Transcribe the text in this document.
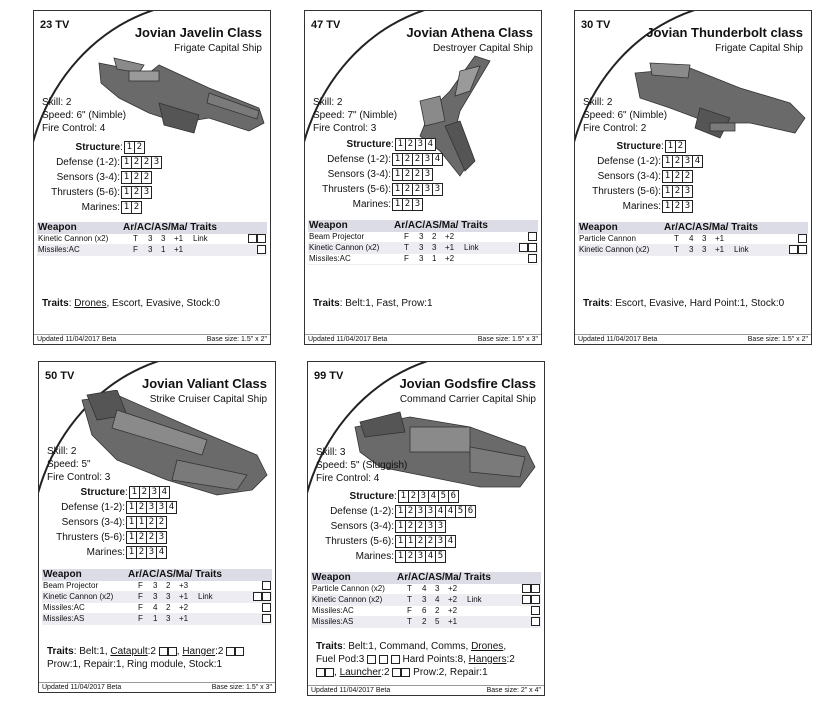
23 TV	Jovian Javelin Class
Frigate Capital Ship
Skill: 2
Speed: 6" (Nimble)
Fire Control: 4
Structure : 1 2
Defense (1-2): 1 2 2 3
Sensors (3-4): 1 2 2
Thrusters (5-6): 1 2 3
Marines: 1 2
Weapon	Ar/AC/AS/Ma/ Traits
Kinetic Cannon (x2)	T 3 3 +1 Link
Missiles:AC	F 3 1 +1
Traits: Drones, Escort, Evasive, Stock:0
Updated 11/04/2017 Beta	Base size: 1.5" x 2"
47 TV	Jovian Athena Class
Destroyer Capital Ship
Skill: 2
Speed: 7" (Nimble)
Fire Control: 3
Structure : 1 2 3 4
Defense (1-2): 1 2 2 3 4
Sensors (3-4): 1 2 2 3
Thrusters (5-6): 1 2 2 3 3
Marines: 1 2 3
Weapon	Ar/AC/AS/Ma/ Traits
Beam Projector	F 3 2 +2
Kinetic Cannon (x2)	T 3 3 +1 Link
Missiles:AC	F 3 1 +2
Traits: Belt:1, Fast, Prow:1
Updated 11/04/2017 Beta	Base size: 1.5" x 3"
30 TV	Jovian Thunderbolt class
Frigate Capital Ship
Skill: 2
Speed: 6" (Nimble)
Fire Control: 2
Structure : 1 2
Defense (1-2): 1 2 3 4
Sensors (3-4): 1 2 2
Thrusters (5-6): 1 2 3
Marines: 1 2 3
Weapon	Ar/AC/AS/Ma/ Traits
Particle Cannon	T 4 3 +1
Kinetic Cannon (x2)	T 3 3 +1 Link
Traits: Escort, Evasive, Hard Point:1, Stock:0
Updated 11/04/2017 Beta	Base size: 1.5" x 2"
50 TV	Jovian Valiant Class
Strike Cruiser Capital Ship
Skill: 2
Speed: 5"
Fire Control: 3
Structure : 1 2 3 4
Defense (1-2): 1 2 3 3 4
Sensors (3-4): 1 1 2 2
Thrusters (5-6): 1 2 2 3
Marines: 1 2 3 4
Weapon	Ar/AC/AS/Ma/ Traits
Beam Projector	F 3 2 +3
Kinetic Cannon (x2)	F 3 3 +1 Link
Missiles:AC	F 4 2 +2
Missiles:AS	F 1 3 +1
Traits: Belt:1, Catapult:2 , Hanger:2
Prow:1, Repair:1, Ring module, Stock:1
Updated 11/04/2017 Beta	Base size: 1.5" x 3"
99 TV	Jovian Godsfire Class
Command Carrier Capital Ship
Skill: 3
Speed: 5" (Sluggish)
Fire Control: 4
Structure : 1 2 3 4 5 6
Defense (1-2): 1 2 3 3 4 4 5 6
Sensors (3-4): 1 2 2 3 3
Thrusters (5-6): 1 1 2 2 3 4
Marines: 1 2 3 4 5
Weapon	Ar/AC/AS/Ma/ Traits
Particle Cannon (x2)	T 4 3 +2
Kinetic Cannon (x2)	T 3 4 +2 Link
Missiles:AC	F 6 2 +2
Missiles:AS	T 2 5 +1
Traits: Belt:1, Command, Comms, Drones,
Fuel Pod:3	Hard Points:8, Hangers:2
, Launcher:2 Prow:2, Repair:1
Updated 11/04/2017 Beta	Base size: 2" x 4"
